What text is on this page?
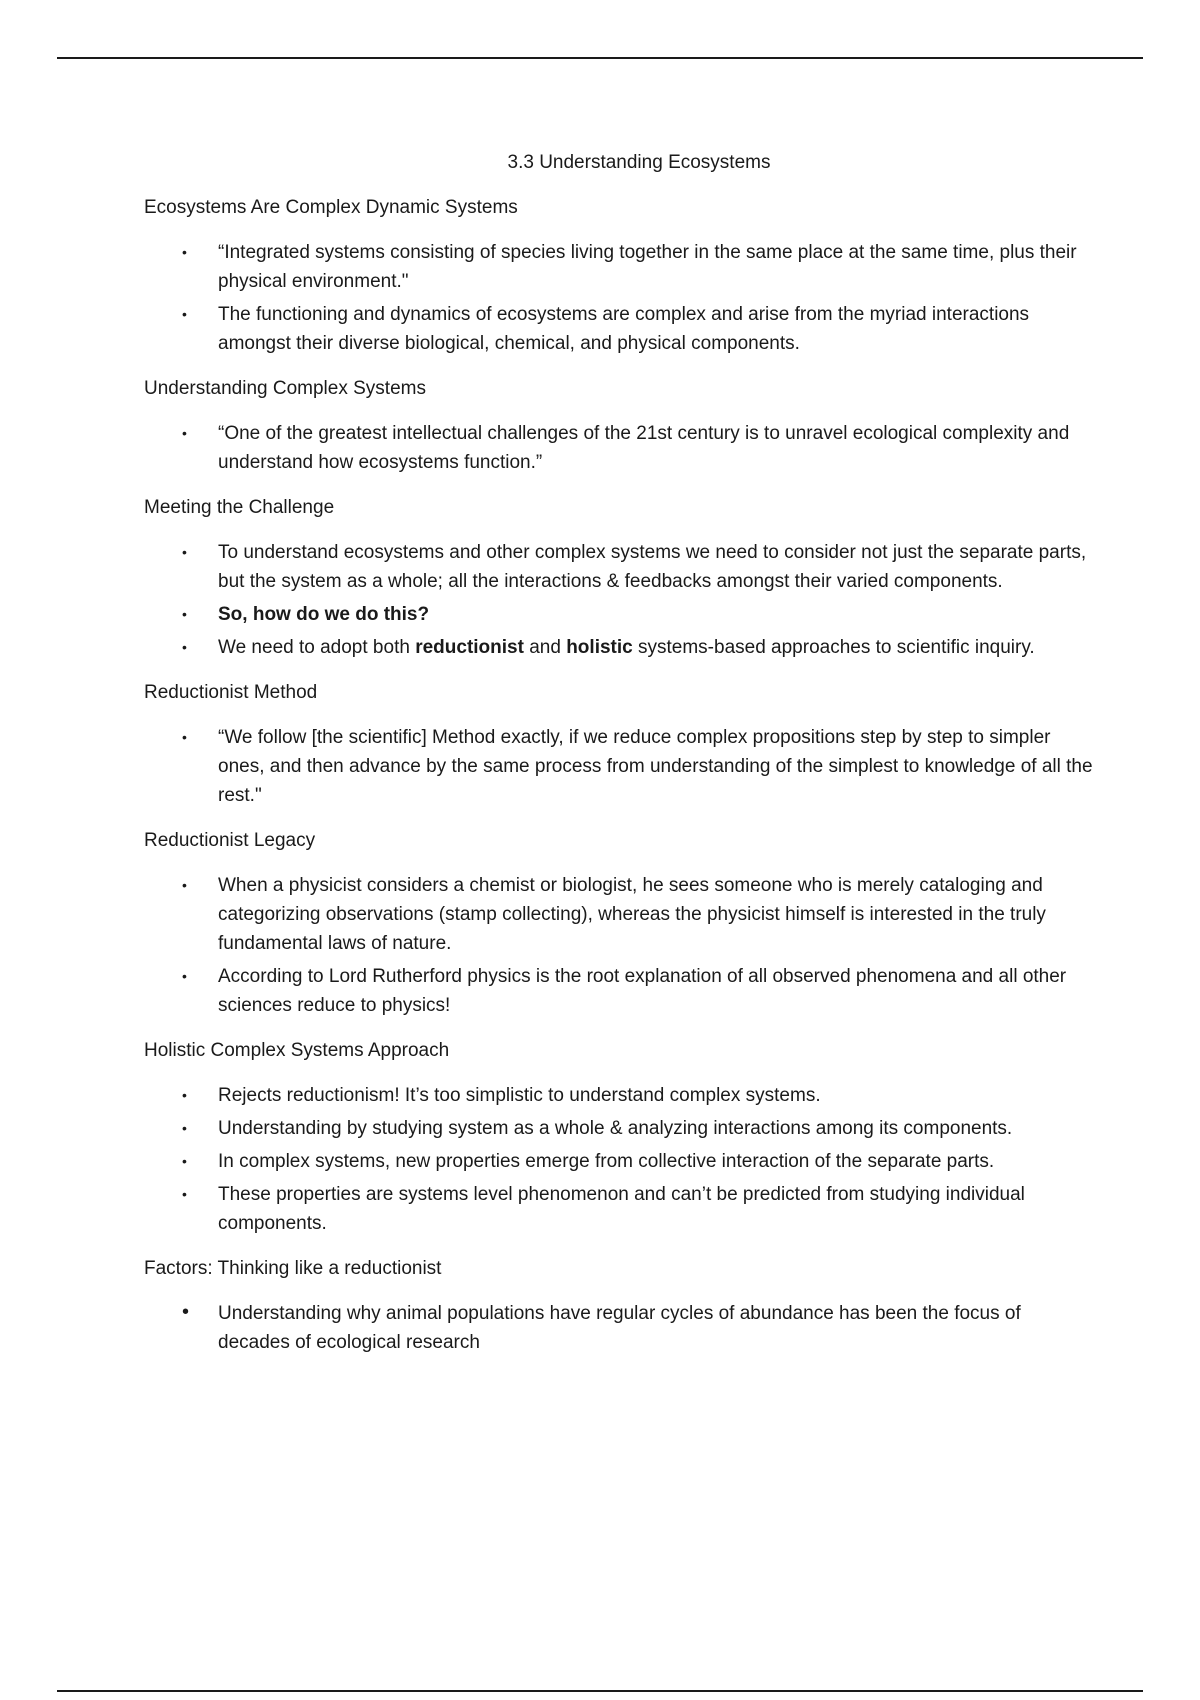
3.3 Understanding Ecosystems

Ecosystems Are Complex Dynamic Systems

• “Integrated systems consisting of species living together in the same place at the same time, plus their physical environment."
• The functioning and dynamics of ecosystems are complex and arise from the myriad interactions amongst their diverse biological, chemical, and physical components.

Understanding Complex Systems

• “One of the greatest intellectual challenges of the 21st century is to unravel ecological complexity and understand how ecosystems function.”

Meeting the Challenge

• To understand ecosystems and other complex systems we need to consider not just the separate parts, but the system as a whole; all the interactions & feedbacks amongst their varied components.
• So, how do we do this?
• We need to adopt both reductionist and holistic systems-based approaches to scientific inquiry.

Reductionist Method

• “We follow [the scientific] Method exactly, if we reduce complex propositions step by step to simpler ones, and then advance by the same process from understanding of the simplest to knowledge of all the rest."

Reductionist Legacy

• When a physicist considers a chemist or biologist, he sees someone who is merely cataloging and categorizing observations (stamp collecting), whereas the physicist himself is interested in the truly fundamental laws of nature.
• According to Lord Rutherford physics is the root explanation of all observed phenomena and all other sciences reduce to physics!

Holistic Complex Systems Approach

• Rejects reductionism! It’s too simplistic to understand complex systems.
• Understanding by studying system as a whole & analyzing interactions among its components.
• In complex systems, new properties emerge from collective interaction of the separate parts.
• These properties are systems level phenomenon and can’t be predicted from studying individual components.

Factors: Thinking like a reductionist

• Understanding why animal populations have regular cycles of abundance has been the focus of decades of ecological research
